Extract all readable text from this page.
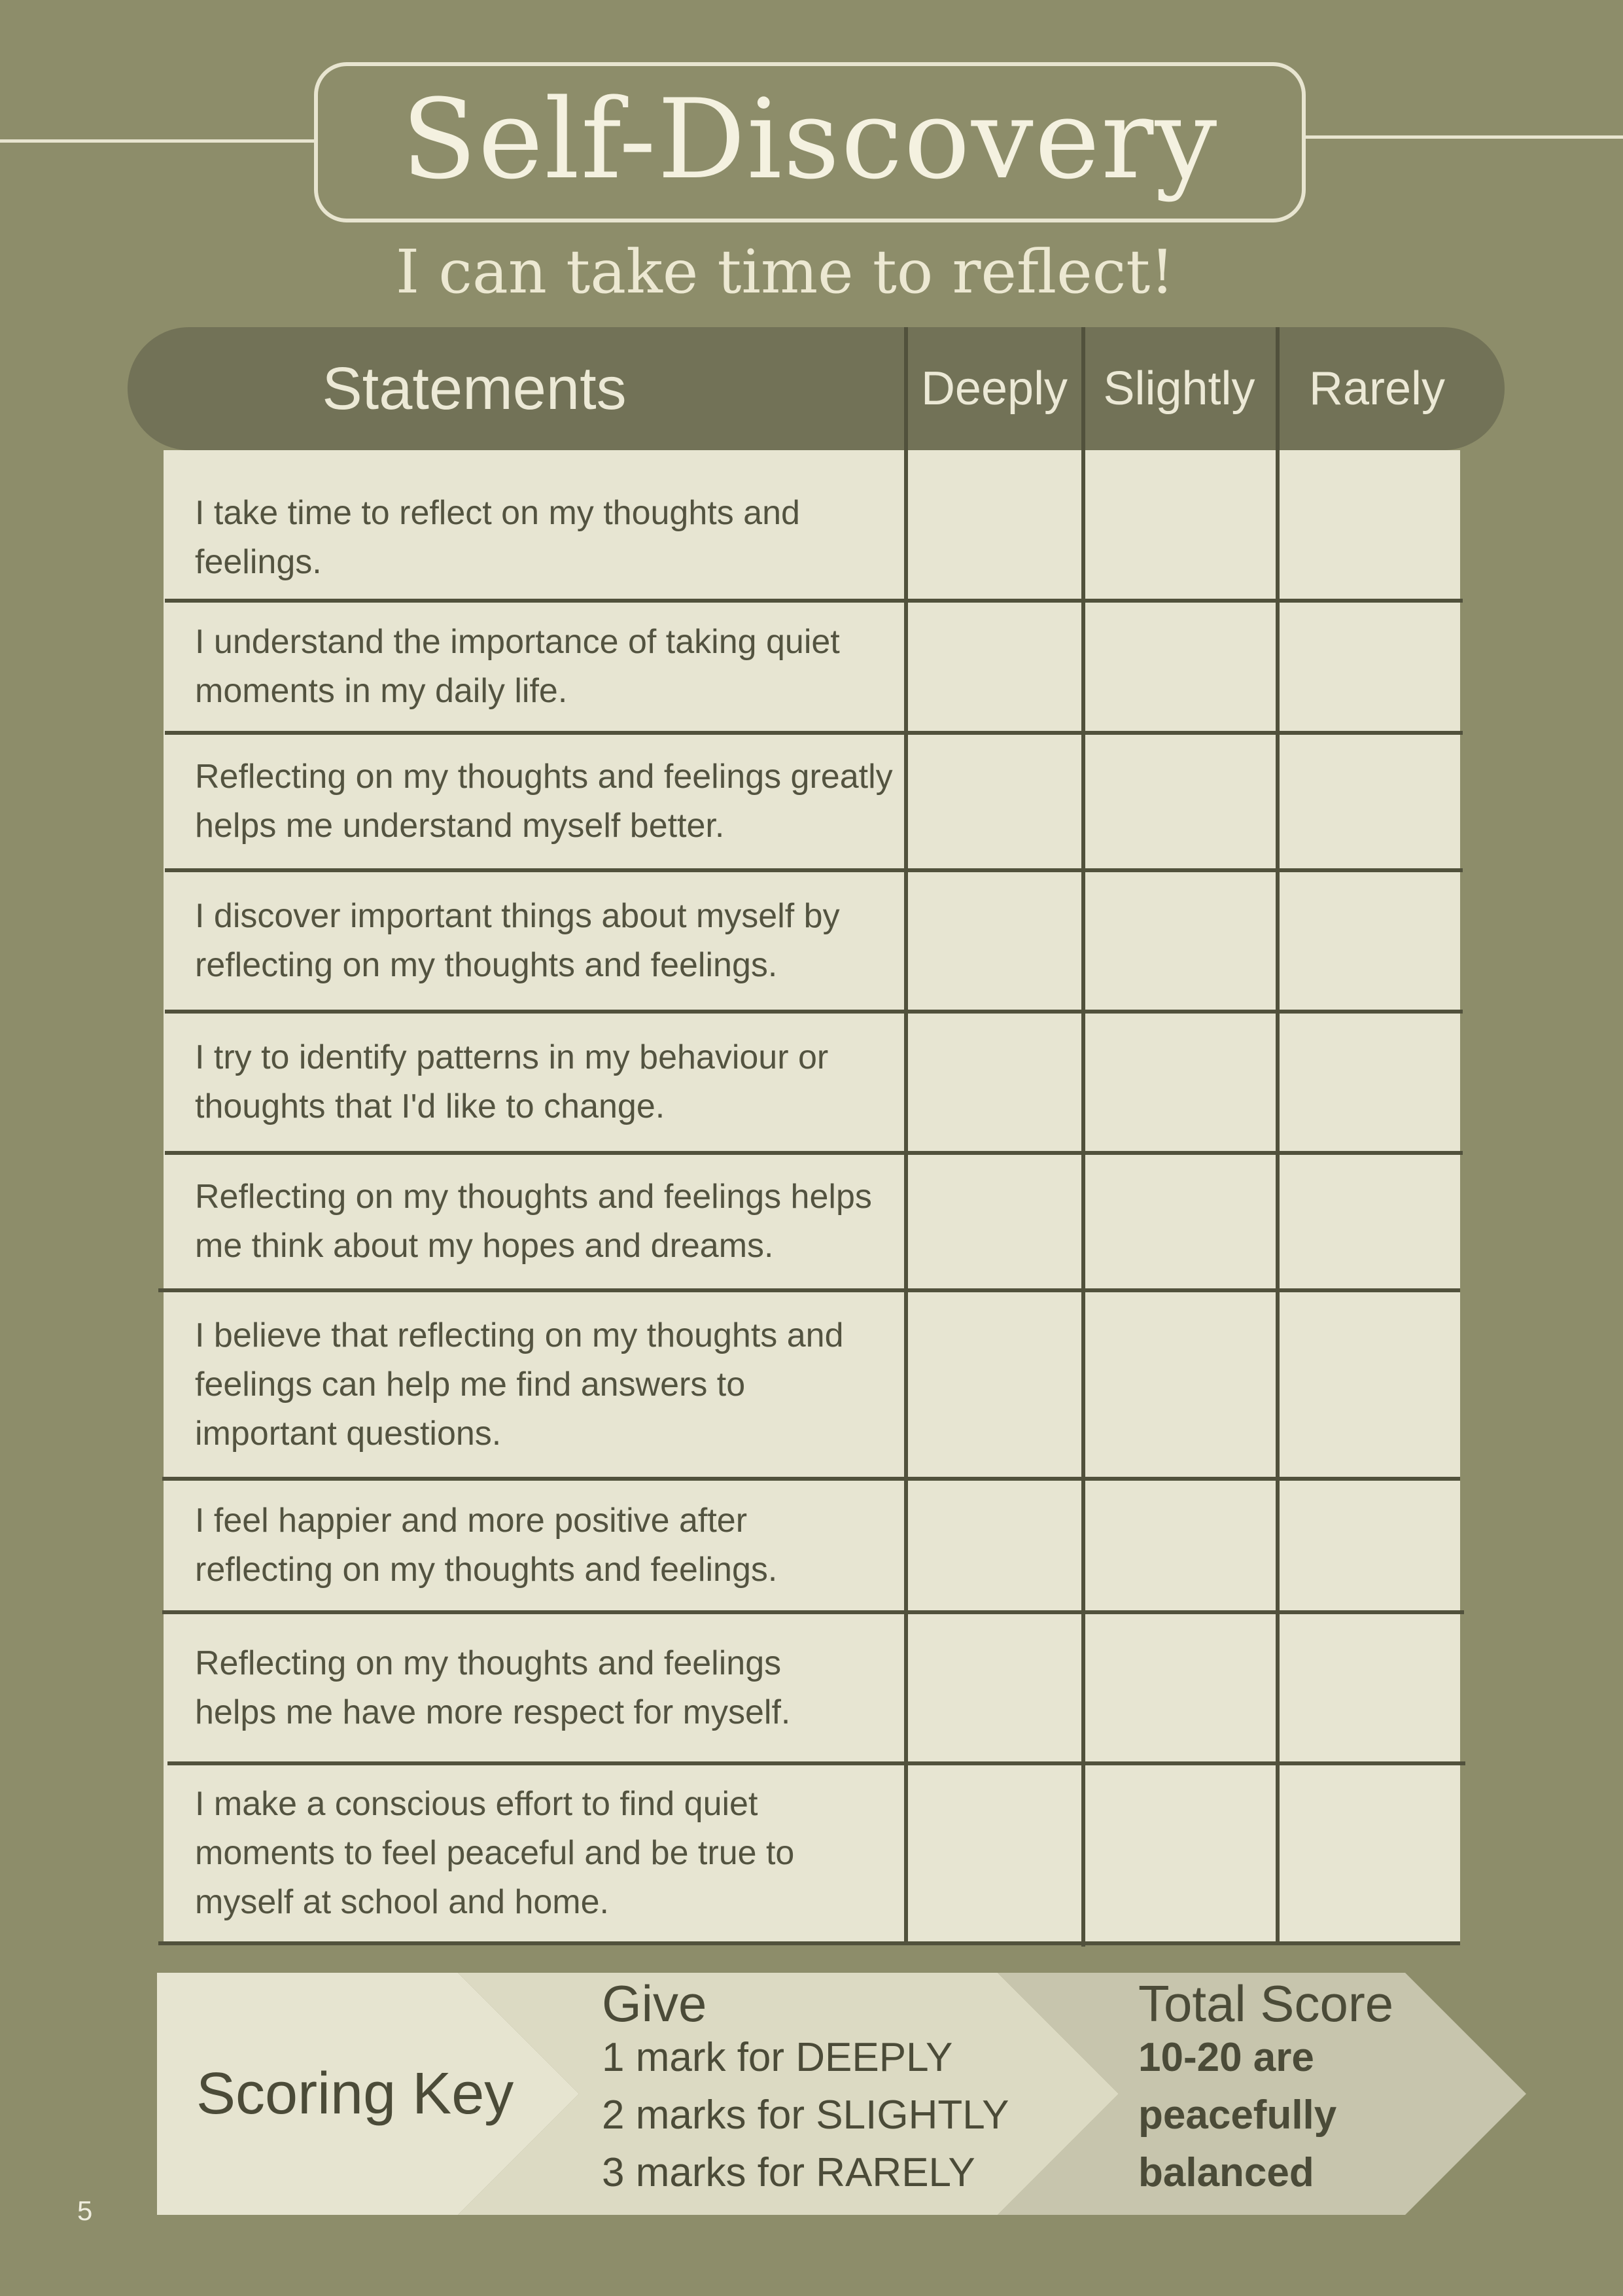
Self-Discovery
I can take time to reflect!
Statements	Deeply Slightly	Rarely
I take time to reflect on my thoughts and feelings.
I understand the importance of taking quiet moments in my daily life.
Reflecting on my thoughts and feelings greatly helps me understand myself better.
I discover important things about myself by reflecting on my thoughts and feelings.
I try to identify patterns in my behaviour or thoughts that I'd like to change.
Reflecting on my thoughts and feelings helps me think about my hopes and dreams.
I believe that reflecting on my thoughts and feelings can help me find answers to important questions.
I feel happier and more positive after reflecting on my thoughts and feelings.
Reflecting on my thoughts and feelings helps me have more respect for myself.
I make a conscious effort to find quiet moments to feel peaceful and be true to myself at school and home.
Scoring Key
Give
1 mark for DEEPLY
2 marks for SLIGHTLY
3 marks for RARELY
Total Score
10-20 are
peacefully
balanced
5
